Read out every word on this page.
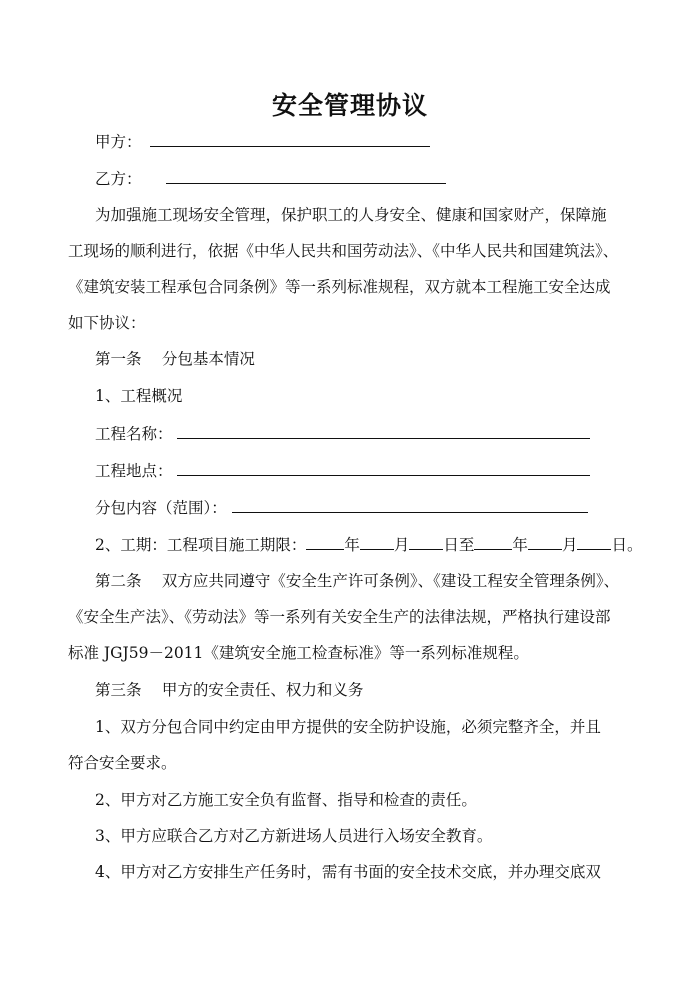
安全管理协议
甲方：
乙方：
为加强施工现场安全管理，保护职工的人身安全、健康和国家财产，保障施
工现场的顺利进行，依据《中华人民共和国劳动法》、《中华人民共和国建筑法》、
《建筑安装工程承包合同条例》等一系列标准规程，双方就本工程施工安全达成
如下协议：
第一条　 分包基本情况
1、工程概况
工程名称：
工程地点：
分包内容（范围）：
2、工期：工程项目施工期限： 年 月 日至 年 月 日。
第二条　 双方应共同遵守《安全生产许可条例》、《建设工程安全管理条例》、
《安全生产法》、《劳动法》等一系列有关安全生产的法律法规，严格执行建设部
标准 JGJ59－2011《建筑安全施工检查标准》等一系列标准规程。
第三条　 甲方的安全责任、权力和义务
1、双方分包合同中约定由甲方提供的安全防护设施，必须完整齐全，并且
符合安全要求。
2、甲方对乙方施工安全负有监督、指导和检查的责任。
3、甲方应联合乙方对乙方新进场人员进行入场安全教育。
4、甲方对乙方安排生产任务时，需有书面的安全技术交底，并办理交底双
